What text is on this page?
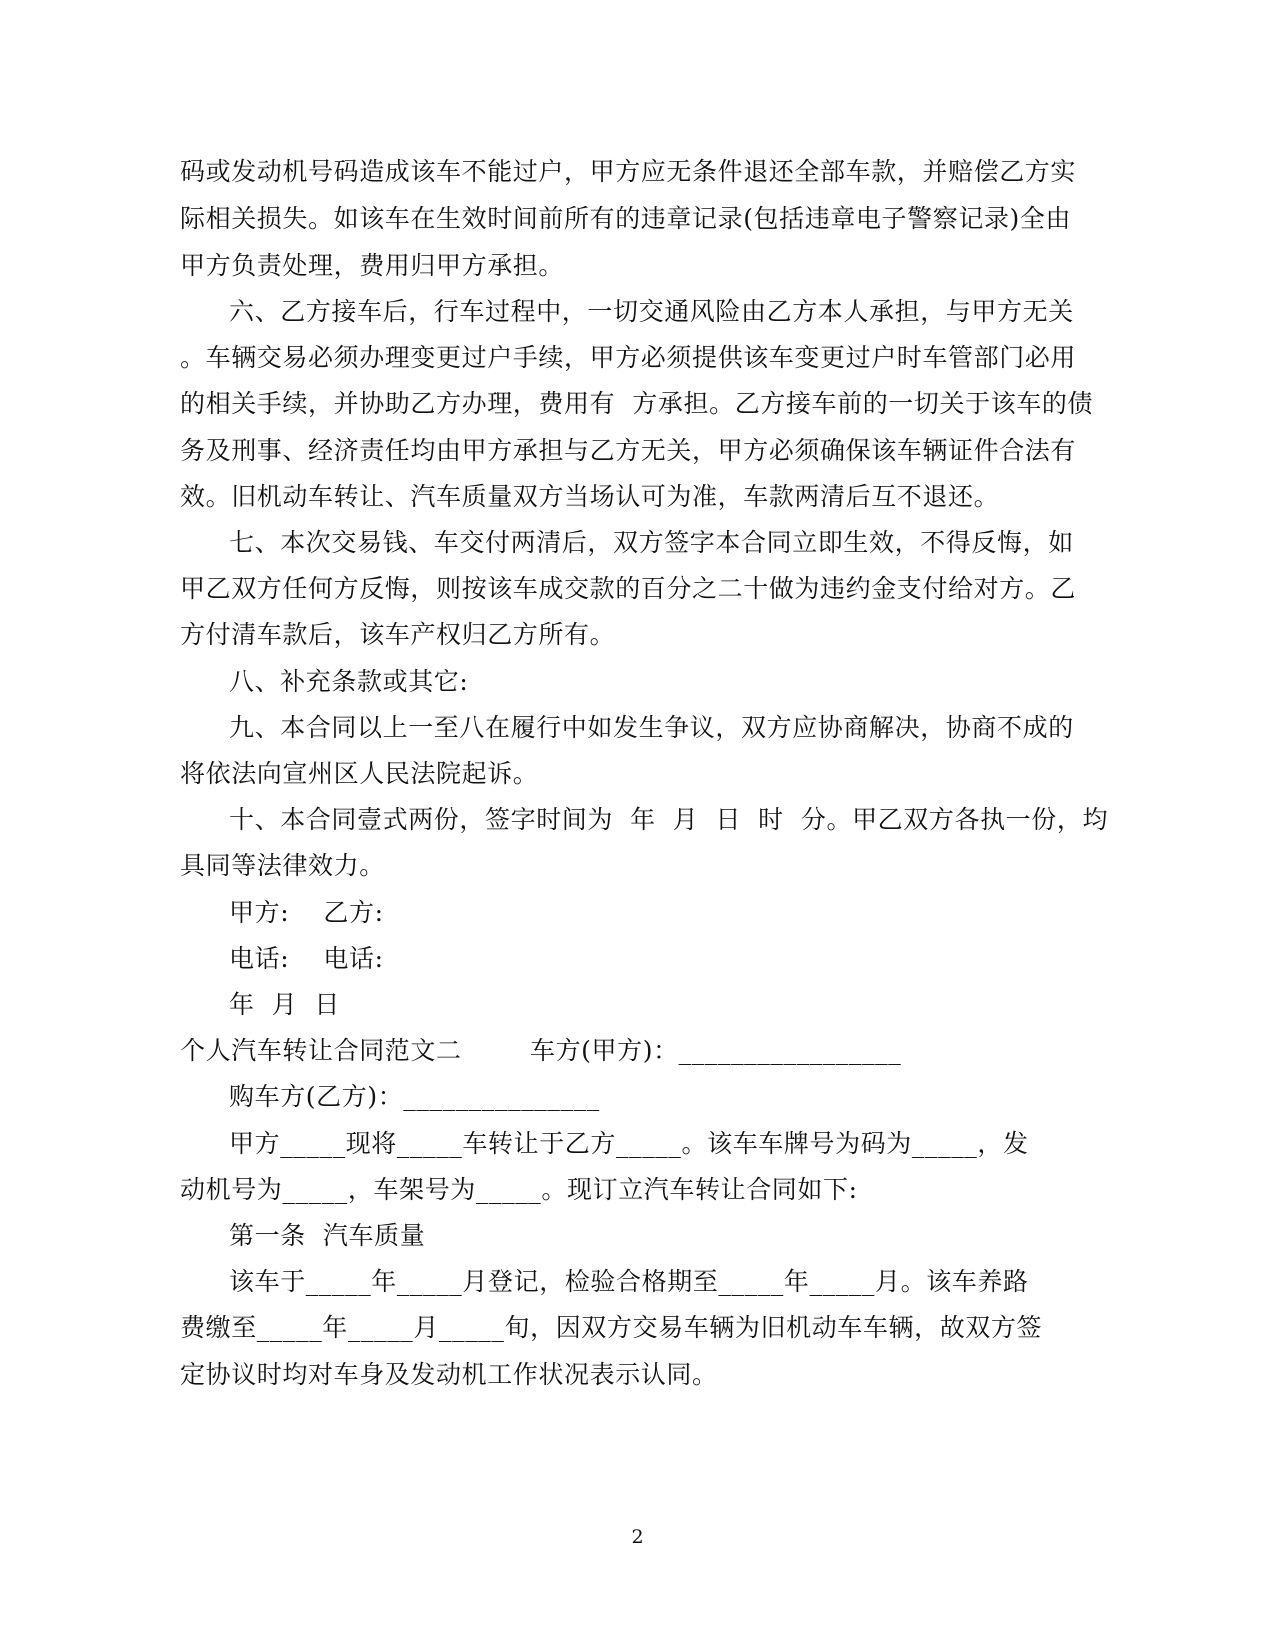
码或发动机号码造成该车不能过户，甲方应无条件退还全部车款，并赔偿乙方实
际相关损失。如该车在生效时间前所有的违章记录(包括违章电子警察记录)全由
甲方负责处理，费用归甲方承担。
六、乙方接车后，行车过程中，一切交通风险由乙方本人承担，与甲方无关
。车辆交易必须办理变更过户手续，甲方必须提供该车变更过户时车管部门必用
的相关手续，并协助乙方办理，费用有  方承担。乙方接车前的一切关于该车的债
务及刑事、经济责任均由甲方承担与乙方无关，甲方必须确保该车辆证件合法有
效。旧机动车转让、汽车质量双方当场认可为准，车款两清后互不退还。
七、本次交易钱、车交付两清后，双方签字本合同立即生效，不得反悔，如
甲乙双方任何方反悔，则按该车成交款的百分之二十做为违约金支付给对方。乙
方付清车款后，该车产权归乙方所有。
八、补充条款或其它:
九、本合同以上一至八在履行中如发生争议，双方应协商解决，协商不成的
将依法向宣州区人民法院起诉。
十、本合同壹式两份，签字时间为  年  月  日  时  分。甲乙双方各执一份，均
具同等法律效力。
甲方:    乙方:
电话:    电话:
年  月  日
个人汽车转让合同范文二        车方(甲方)：_________________
购车方(乙方)：_______________
甲方_____现将_____车转让于乙方_____。该车车牌号为码为_____，发
动机号为_____，车架号为_____。现订立汽车转让合同如下:
第一条  汽车质量
该车于_____年_____月登记，检验合格期至_____年_____月。该车养路
费缴至_____年_____月_____旬，因双方交易车辆为旧机动车车辆，故双方签
定协议时均对车身及发动机工作状况表示认同。
2
